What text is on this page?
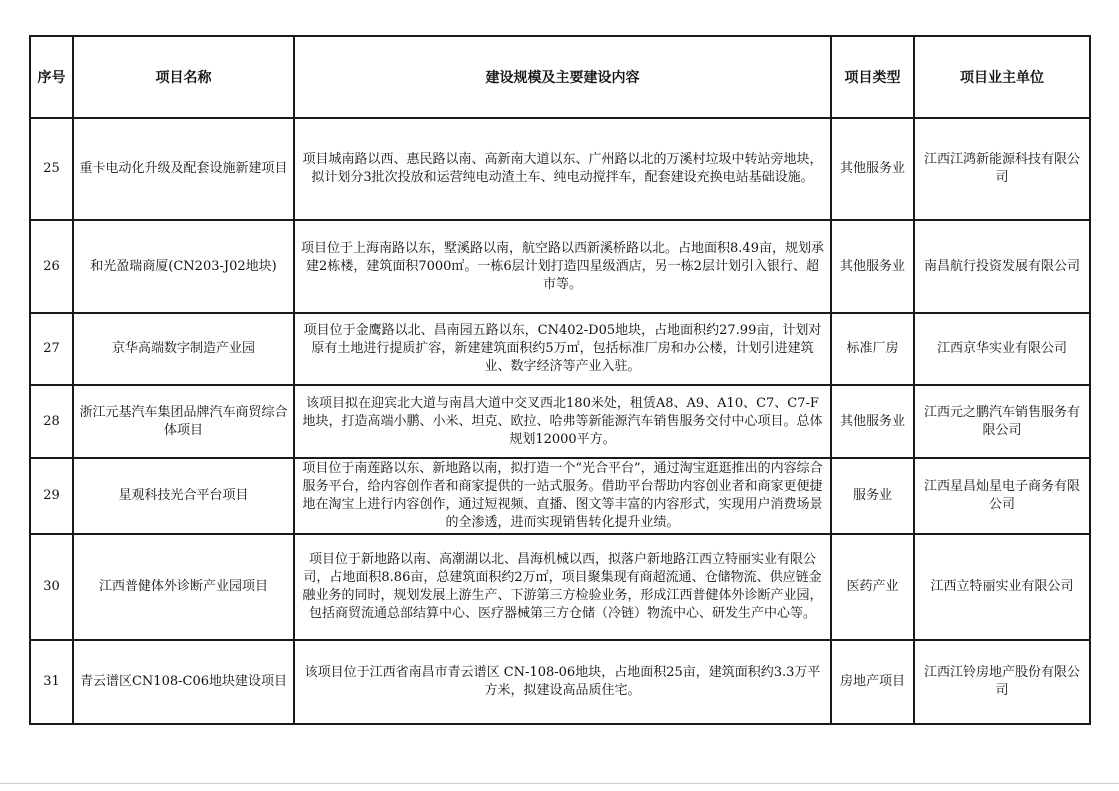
序号	项目名称	建设规模及主要建设内容	项目类型	项目业主单位
25	重卡电动化升级及配套设施新建项目	项目城南路以西、惠民路以南、高新南大道以东、广州路以北的万溪村垃圾中转站旁地块，拟计划分3批次投放和运营纯电动渣土车、纯电动搅拌车，配套建设充换电站基础设施。	其他服务业	江西江鸿新能源科技有限公司
26	和光盈瑞商厦(CN203-J02地块)	项目位于上海南路以东，墅溪路以南，航空路以西新溪桥路以北。占地面积8.49亩，规划承建2栋楼，建筑面积7000㎡。一栋6层计划打造四星级酒店，另一栋2层计划引入银行、超市等。	其他服务业	南昌航行投资发展有限公司
27	京华高端数字制造产业园	项目位于金鹰路以北、昌南园五路以东，CN402-D05地块，占地面积约27.99亩，计划对原有土地进行提质扩容，新建建筑面积约5万㎡，包括标准厂房和办公楼，计划引进建筑业、数字经济等产业入驻。	标准厂房	江西京华实业有限公司
28	浙江元基汽车集团品牌汽车商贸综合体项目	该项目拟在迎宾北大道与南昌大道中交叉西北180米处，租赁A8、A9、A10、C7、C7-F地块，打造高端小鹏、小米、坦克、欧拉、哈弗等新能源汽车销售服务交付中心项目。总体规划12000平方。	其他服务业	江西元之鹏汽车销售服务有限公司
29	星观科技光合平台项目	项目位于南莲路以东、新地路以南，拟打造一个“光合平台”，通过淘宝逛逛推出的内容综合服务平台，给内容创作者和商家提供的一站式服务。借助平台帮助内容创业者和商家更便捷地在淘宝上进行内容创作，通过短视频、直播、图文等丰富的内容形式，实现用户消费场景的全渗透，进而实现销售转化提升业绩。	服务业	江西星昌灿星电子商务有限公司
30	江西普健体外诊断产业园项目	项目位于新地路以南、高潮湖以北、昌海机械以西，拟落户新地路江西立特丽实业有限公司，占地面积8.86亩，总建筑面积约2万㎡，项目聚集现有商超流通、仓储物流、供应链金融业务的同时，规划发展上游生产、下游第三方检验业务，形成江西普健体外诊断产业园，包括商贸流通总部结算中心、医疗器械第三方仓储（冷链）物流中心、研发生产中心等。	医药产业	江西立特丽实业有限公司
31	青云谱区CN108-C06地块建设项目	该项目位于江西省南昌市青云谱区 CN-108-06地块，占地面积25亩，建筑面积约3.3万平方米，拟建设高品质住宅。	房地产项目	江西江铃房地产股份有限公司
